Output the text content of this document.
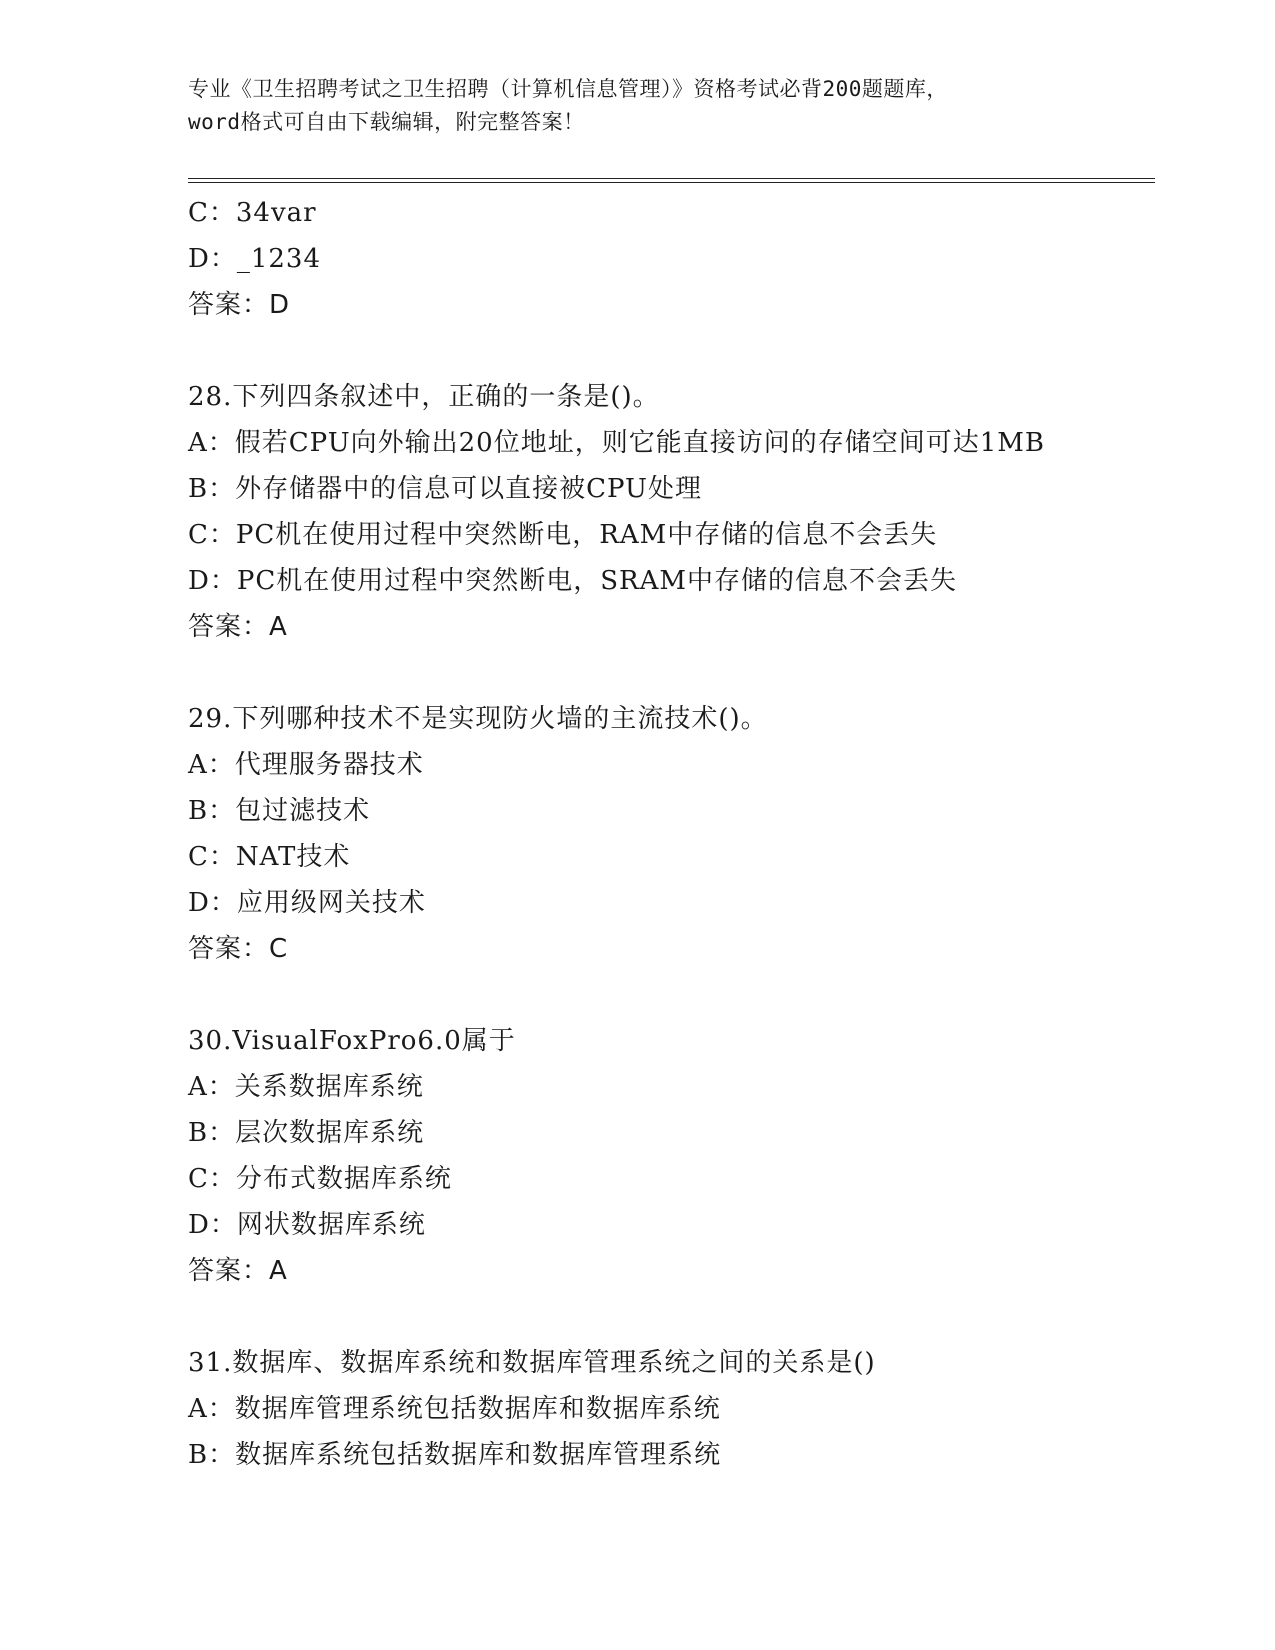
专业《卫生招聘考试之卫生招聘（计算机信息管理）》资格考试必背200题题库，
word格式可自由下载编辑，附完整答案！
C：34var
D：_1234
答案：D
28.下列四条叙述中，正确的一条是()。
A：假若CPU向外输出20位地址，则它能直接访问的存储空间可达1MB
B：外存储器中的信息可以直接被CPU处理
C：PC机在使用过程中突然断电，RAM中存储的信息不会丢失
D：PC机在使用过程中突然断电，SRAM中存储的信息不会丢失
答案：A
29.下列哪种技术不是实现防火墙的主流技术()。
A：代理服务器技术
B：包过滤技术
C：NAT技术
D：应用级网关技术
答案：C
30.VisualFoxPro6.0属于
A：关系数据库系统
B：层次数据库系统
C：分布式数据库系统
D：网状数据库系统
答案：A
31.数据库、数据库系统和数据库管理系统之间的关系是()
A：数据库管理系统包括数据库和数据库系统
B：数据库系统包括数据库和数据库管理系统
